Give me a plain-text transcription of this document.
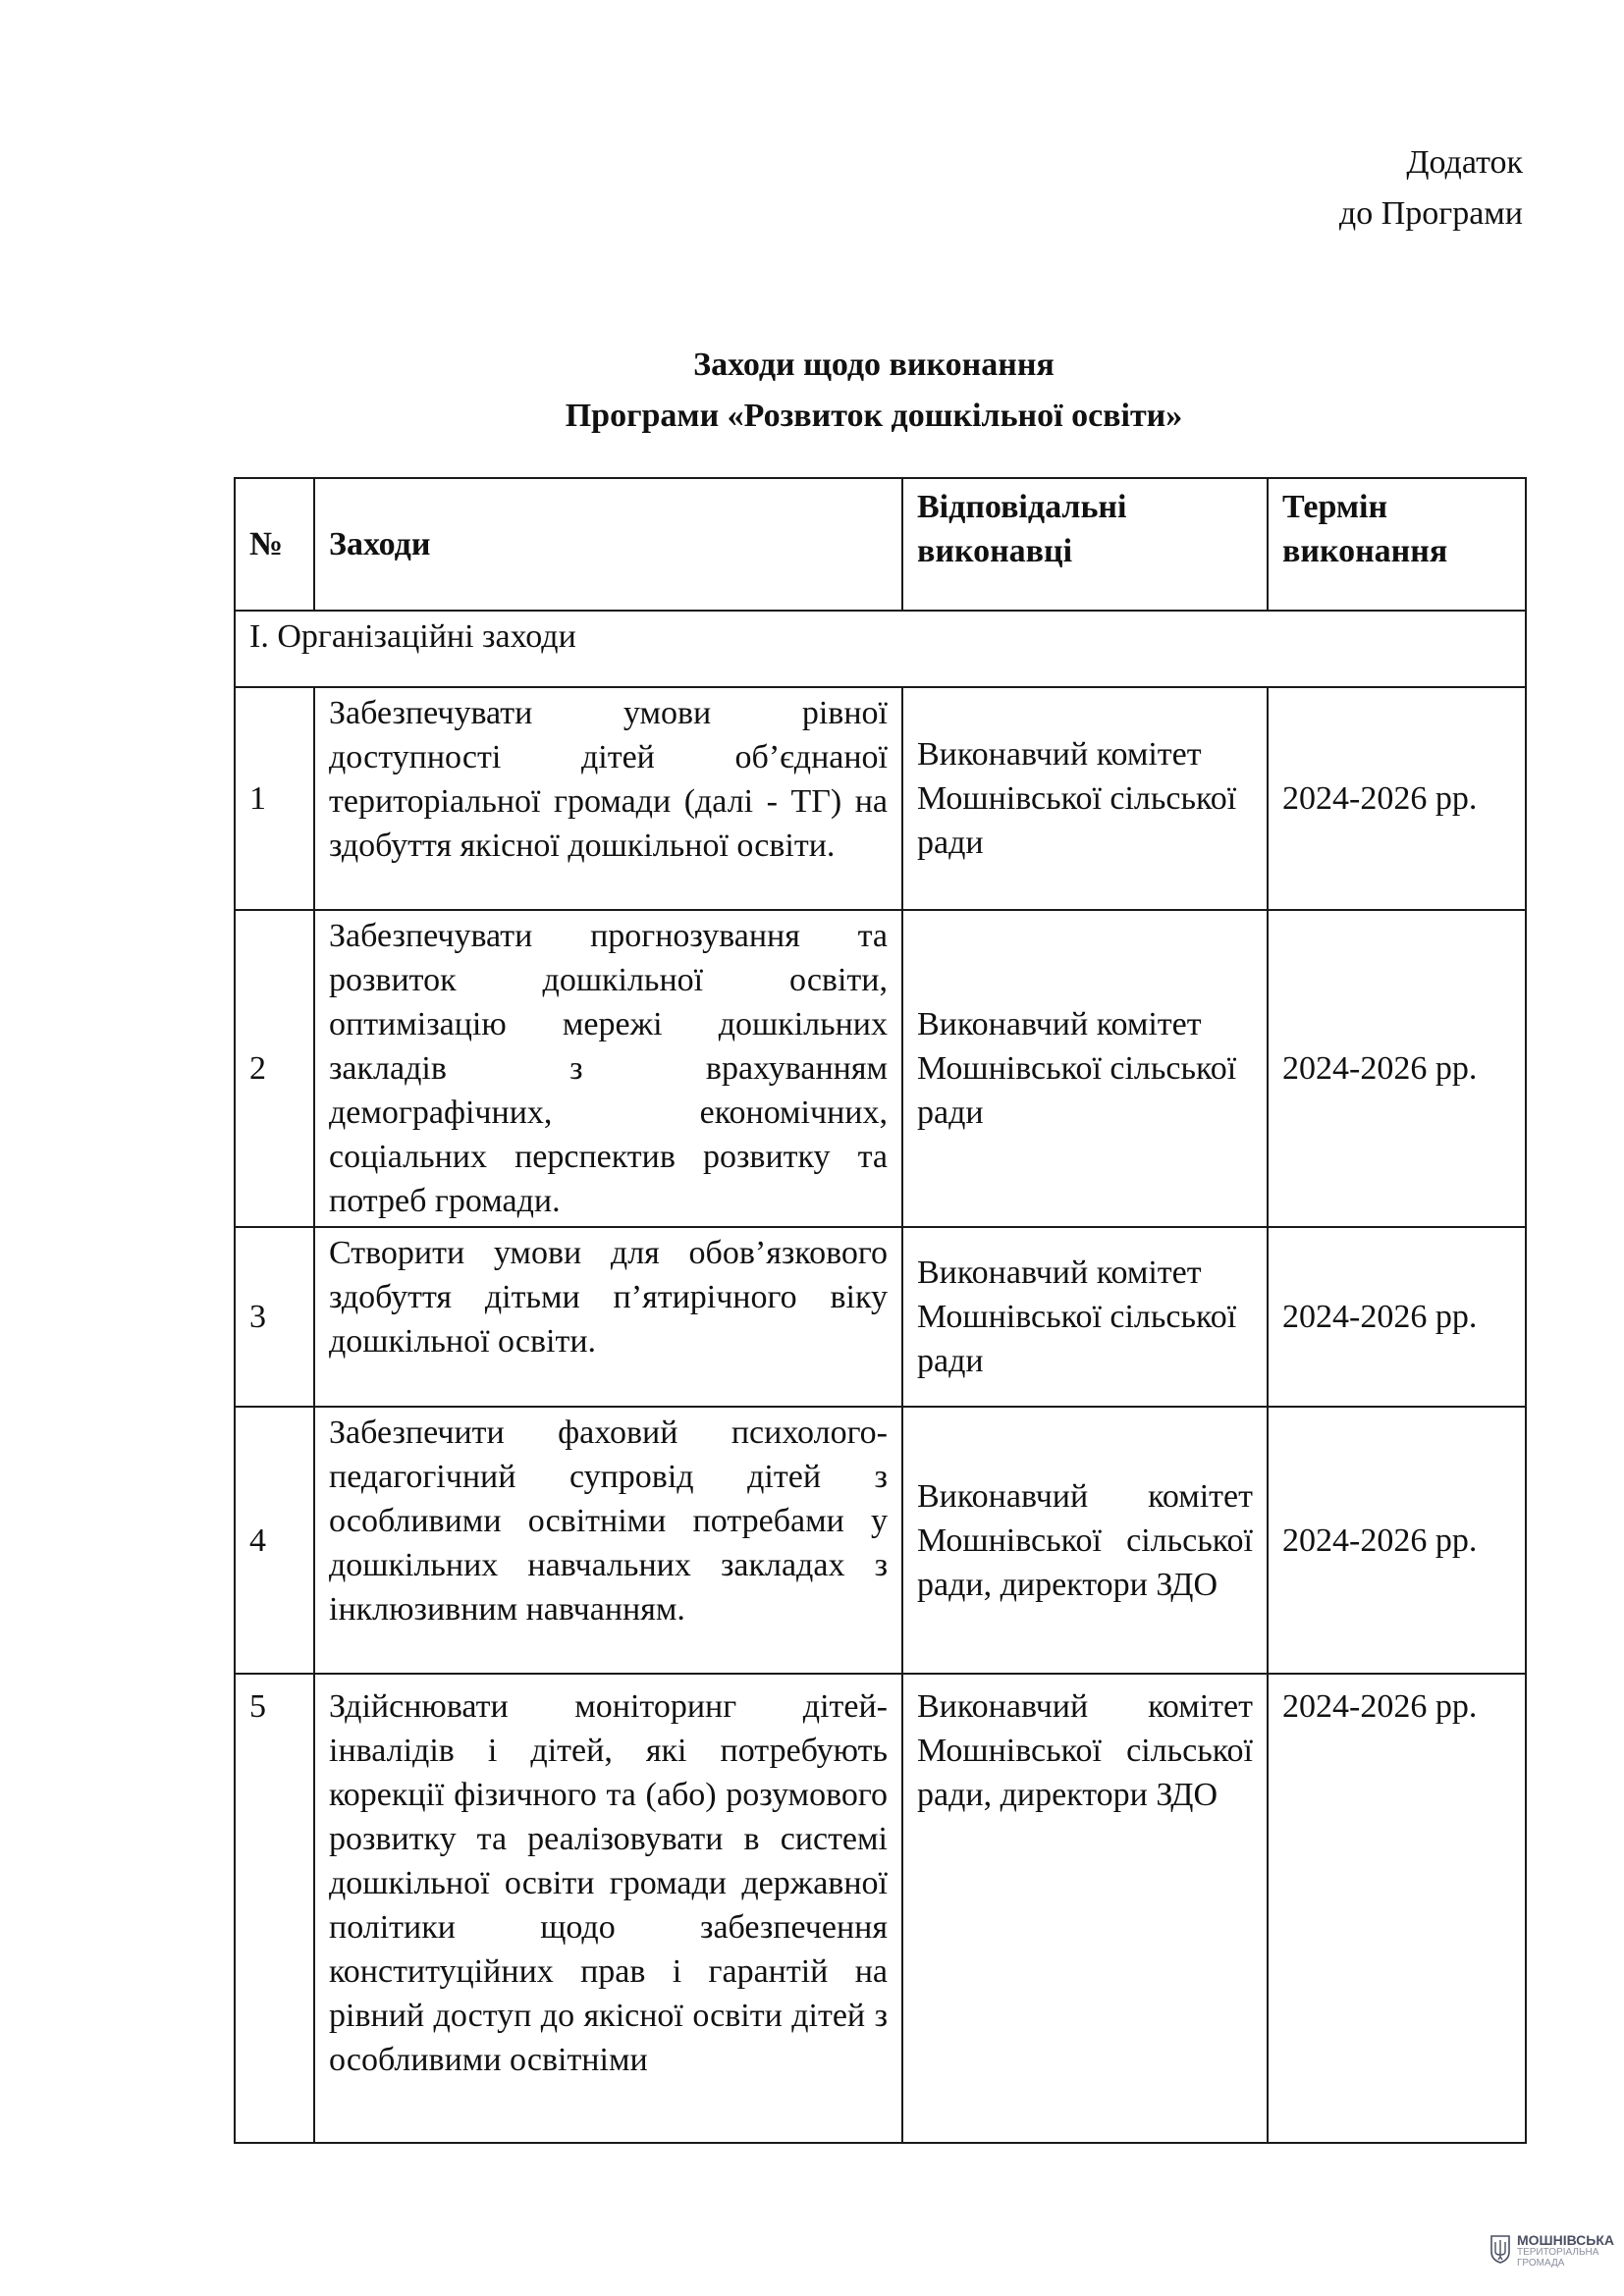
Додаток
до Програми
Заходи щодо виконання
Програми «Розвиток дошкільної освіти»
№	Заходи	Відповідальні виконавці	Термін виконання
І. Організаційні заходи			
1	Забезпечувати умови рівної доступності дітей об’єднаної територіальної громади (далі - ТГ) на здобуття якісної дошкільної освіти.	Виконавчий комітет Мошнівської сільської ради	2024-2026 рр.
2	Забезпечувати прогнозування та розвиток дошкільної освіти, оптимізацію мережі дошкільних закладів з врахуванням демографічних, економічних, соціальних перспектив розвитку та потреб громади.	Виконавчий комітет Мошнівської сільської ради	2024-2026 рр.
3	Створити умови для обов’язкового здобуття дітьми п’ятирічного віку дошкільної освіти.	Виконавчий комітет Мошнівської сільської ради	2024-2026 рр.
4	Забезпечити фаховий психолого-педагогічний супровід дітей з особливими освітніми потребами у дошкільних навчальних закладах з інклюзивним навчанням.	Виконавчий комітет Мошнівської сільської ради, директори ЗДО	2024-2026 рр.
5	Здійснювати моніторинг дітей-інвалідів і дітей, які потребують корекції фізичного та (або) розумового розвитку та реалізовувати в системі дошкільної освіти громади державної політики щодо забезпечення конституційних прав і гарантій на рівний доступ до якісної освіти дітей з особливими освітніми	Виконавчий комітет Мошнівської сільської ради, директори ЗДО	2024-2026 рр.
МОШНІВСЬКА
ТЕРИТОРІАЛЬНА
ГРОМАДА
